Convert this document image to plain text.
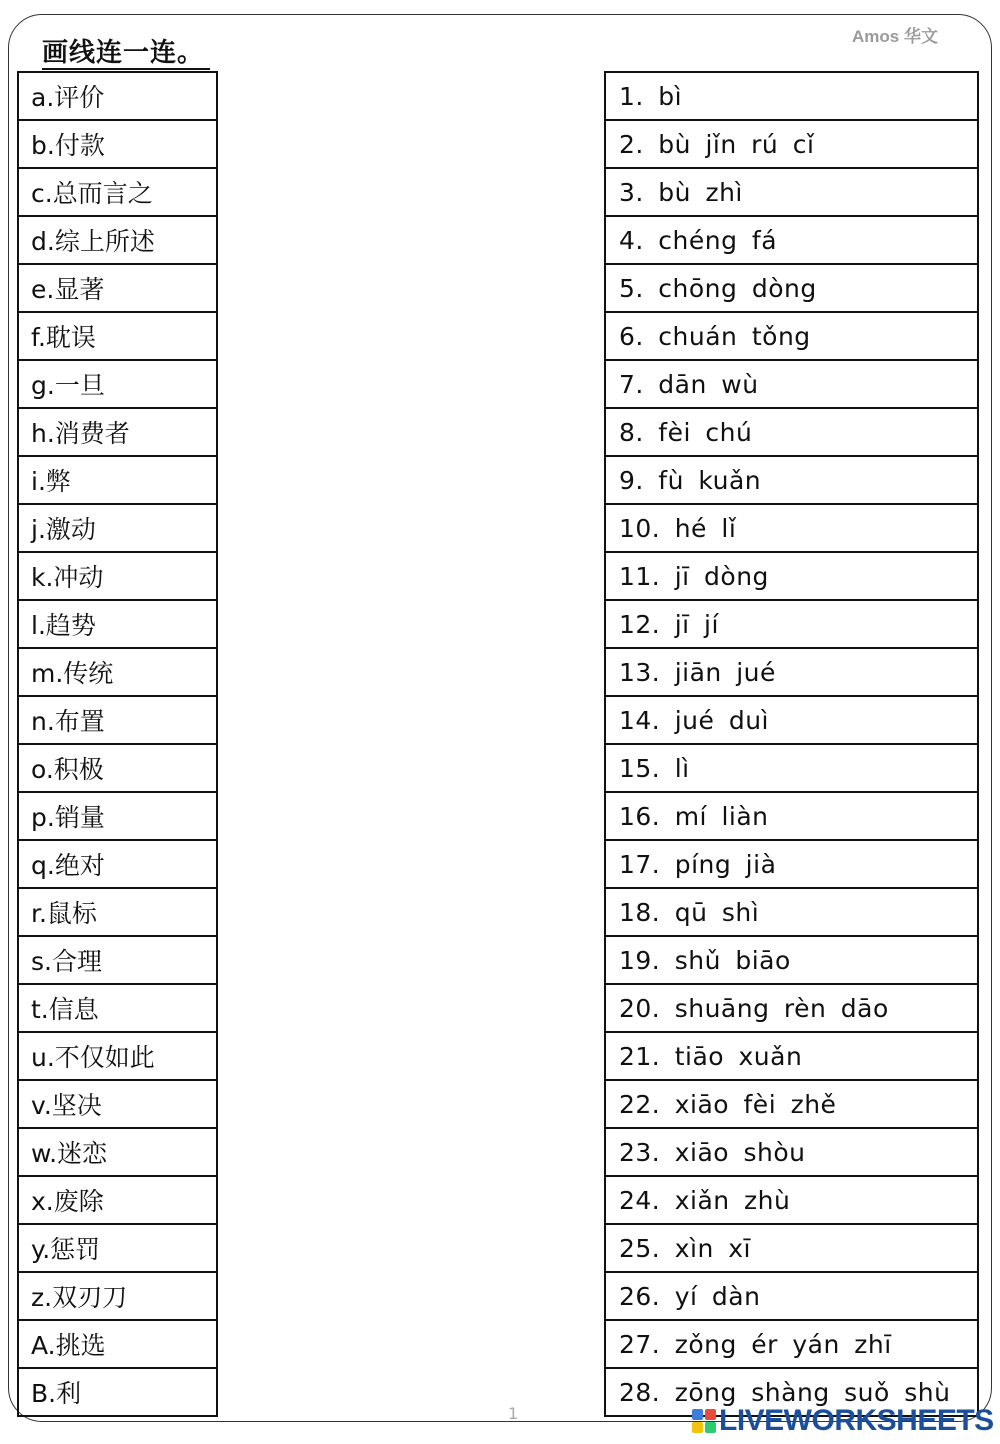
Amos 华文
画线连一连。
a.评价
b.付款
c.总而言之
d.综上所述
e.显著
f.耽误
g.一旦
h.消费者
i.弊
j.激动
k.冲动
l.趋势
m.传统
n.布置
o.积极
p.销量
q.绝对
r.鼠标
s.合理
t.信息
u.不仅如此
v.坚决
w.迷恋
x.废除
y.惩罚
z.双刃刀
A.挑选
B.利
1. bì
2. bù jǐn rú cǐ
3. bù zhì
4. chéng fá
5. chōng dòng
6. chuán tǒng
7. dān wù
8. fèi chú
9. fù kuǎn
10. hé lǐ
11. jī dòng
12. jī jí
13. jiān jué
14. jué duì
15. lì
16. mí liàn
17. píng jià
18. qū shì
19. shǔ biāo
20. shuāng rèn dāo
21. tiāo xuǎn
22. xiāo fèi zhě
23. xiāo shòu
24. xiǎn zhù
25. xìn xī
26. yí dàn
27. zǒng ér yán zhī
28. zōng shàng suǒ shù
1	LIVEWORKSHEETS
